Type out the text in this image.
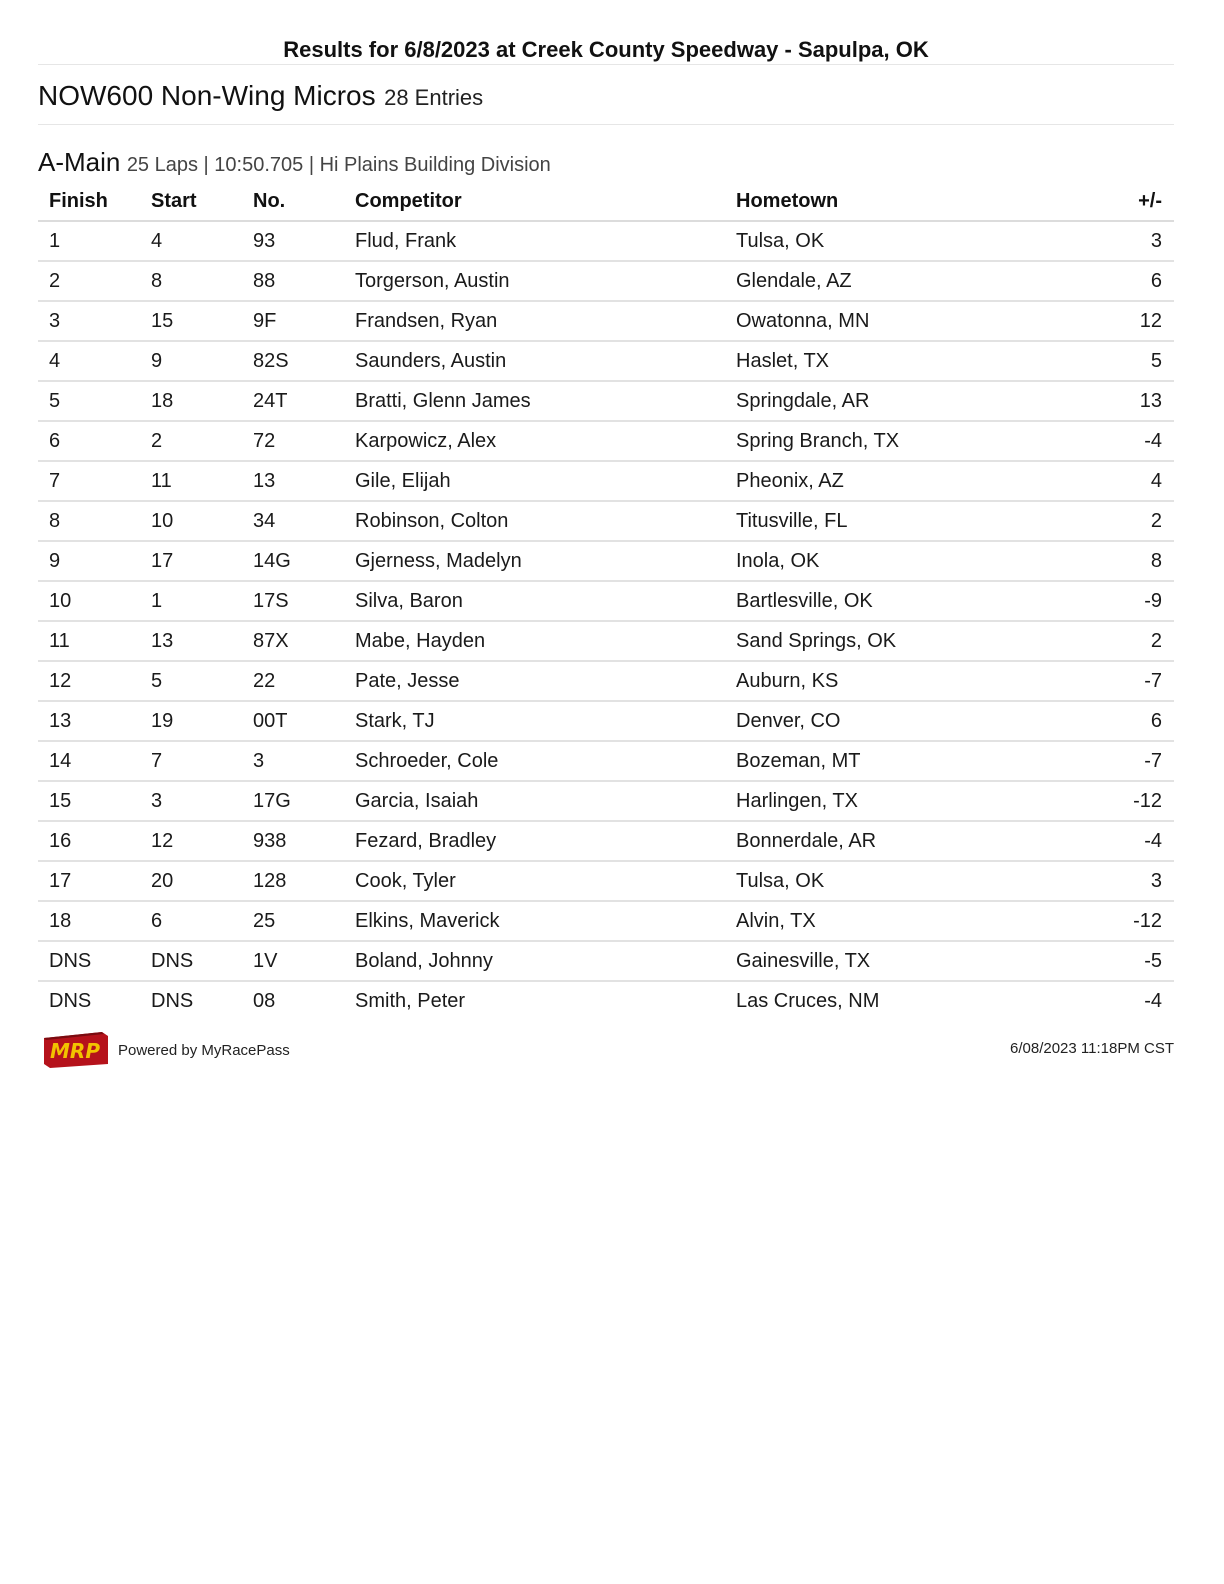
Results for 6/8/2023 at Creek County Speedway - Sapulpa, OK
NOW600 Non-Wing Micros 28 Entries
A-Main 25 Laps | 10:50.705 | Hi Plains Building Division
Finish	Start	No.	Competitor	Hometown	+/-
1	4	93	Flud, Frank	Tulsa, OK	3
2	8	88	Torgerson, Austin	Glendale, AZ	6
3	15	9F	Frandsen, Ryan	Owatonna, MN	12
4	9	82S	Saunders, Austin	Haslet, TX	5
5	18	24T	Bratti, Glenn James	Springdale, AR	13
6	2	72	Karpowicz, Alex	Spring Branch, TX	-4
7	11	13	Gile, Elijah	Pheonix, AZ	4
8	10	34	Robinson, Colton	Titusville, FL	2
9	17	14G	Gjerness, Madelyn	Inola, OK	8
10	1	17S	Silva, Baron	Bartlesville, OK	-9
11	13	87X	Mabe, Hayden	Sand Springs, OK	2
12	5	22	Pate, Jesse	Auburn, KS	-7
13	19	00T	Stark, TJ	Denver, CO	6
14	7	3	Schroeder, Cole	Bozeman, MT	-7
15	3	17G	Garcia, Isaiah	Harlingen, TX	-12
16	12	938	Fezard, Bradley	Bonnerdale, AR	-4
17	20	128	Cook, Tyler	Tulsa, OK	3
18	6	25	Elkins, Maverick	Alvin, TX	-12
DNS	DNS	1V	Boland, Johnny	Gainesville, TX	-5
DNS	DNS	08	Smith, Peter	Las Cruces, NM	-4
MRP Powered by MyRacePass	6/08/2023 11:18PM CST
